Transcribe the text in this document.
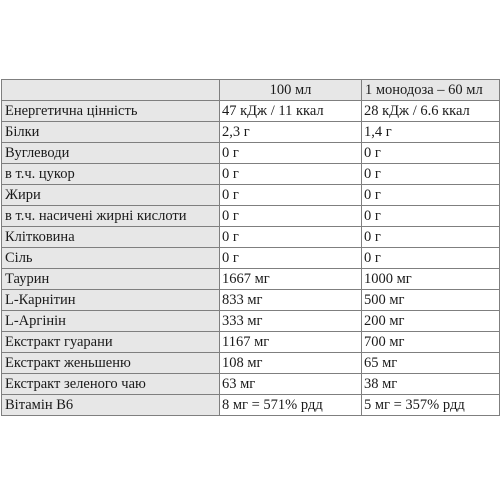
	100 мл	1 монодоза – 60 мл
Енергетична цінність	47 кДж / 11 ккал	28 кДж / 6.6 ккал
Білки	2,3 г	1,4 г
Вуглеводи	0 г	0 г
в т.ч. цукор	0 г	0 г
Жири	0 г	0 г
в т.ч. насичені жирні кислоти	0 г	0 г
Клітковина	0 г	0 г
Сіль	0 г	0 г
Таурин	1667 мг	1000 мг
L-Карнітин	833 мг	500 мг
L-Аргінін	333 мг	200 мг
Екстракт гуарани	1167 мг	700 мг
Екстракт женьшеню	108 мг	65 мг
Екстракт зеленого чаю	63 мг	38 мг
Вітамін В6	8 мг = 571% рдд	5 мг = 357% рдд
